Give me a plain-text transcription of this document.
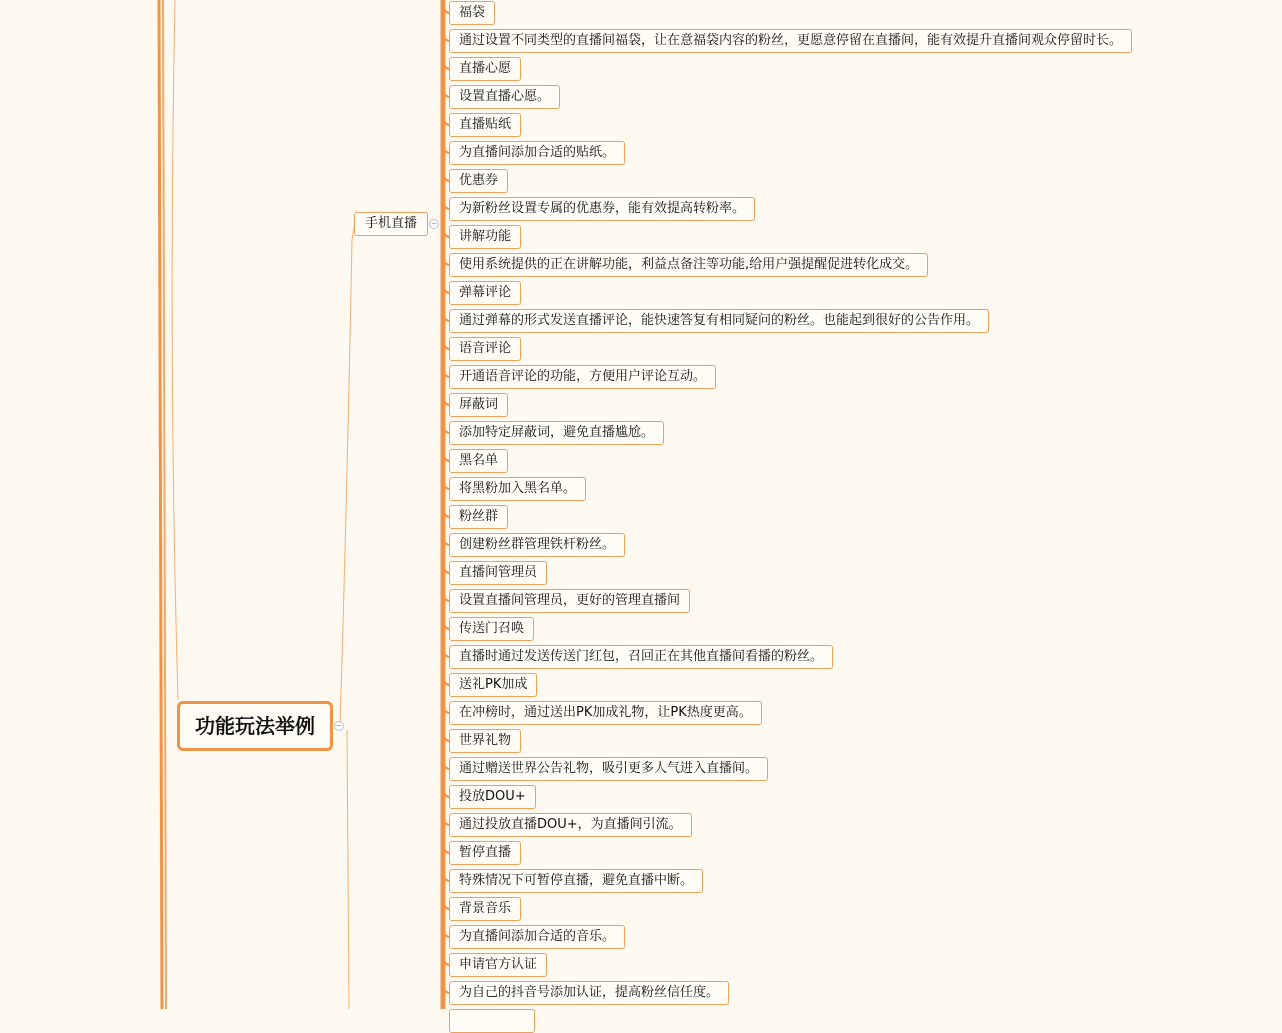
功能玩法举例	−
手机直播	−
福袋
通过设置不同类型的直播间福袋，让在意福袋内容的粉丝，更愿意停留在直播间，能有效提升直播间观众停留时长。
直播心愿
设置直播心愿。
直播贴纸
为直播间添加合适的贴纸。
优惠券
为新粉丝设置专属的优惠券，能有效提高转粉率。
讲解功能
使用系统提供的正在讲解功能，利益点备注等功能,给用户强提醒促进转化成交。
弹幕评论
通过弹幕的形式发送直播评论，能快速答复有相同疑问的粉丝。也能起到很好的公告作用。
语音评论
开通语音评论的功能，方便用户评论互动。
屏蔽词
添加特定屏蔽词，避免直播尴尬。
黑名单
将黑粉加入黑名单。
粉丝群
创建粉丝群管理铁杆粉丝。
直播间管理员
设置直播间管理员，更好的管理直播间
传送门召唤
直播时通过发送传送门红包，召回正在其他直播间看播的粉丝。
送礼PK加成
在冲榜时，通过送出PK加成礼物，让PK热度更高。
世界礼物
通过赠送世界公告礼物，吸引更多人气进入直播间。
投放DOU+
通过投放直播DOU+，为直播间引流。
暂停直播
特殊情况下可暂停直播，避免直播中断。
背景音乐
为直播间添加合适的音乐。
申请官方认证
为自己的抖音号添加认证，提高粉丝信任度。
